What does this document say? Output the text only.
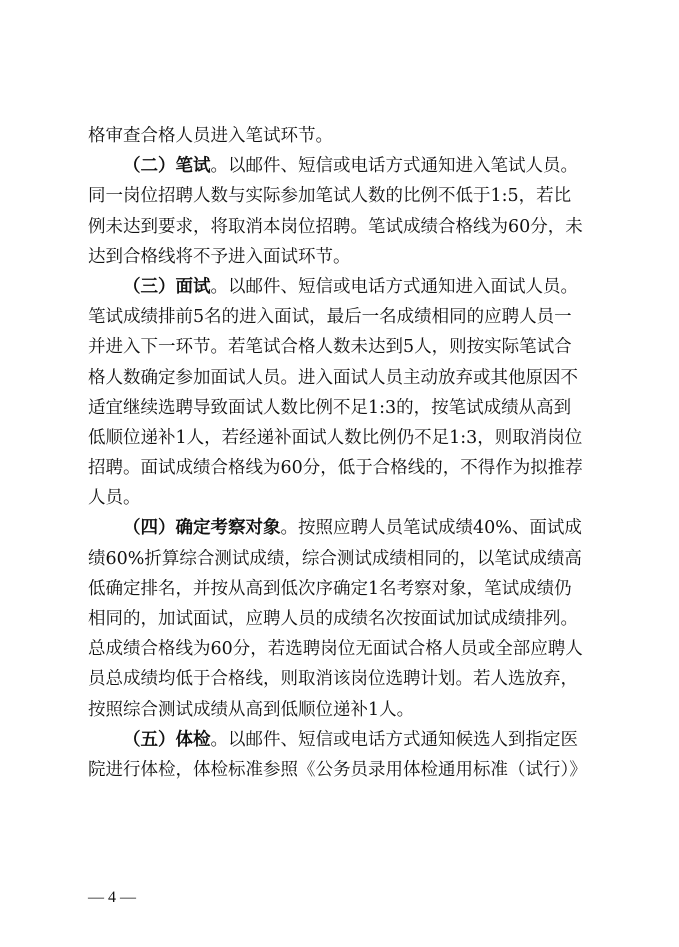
格审查合格人员进入笔试环节。
（二）笔试。以邮件、短信或电话方式通知进入笔试人员。
同一岗位招聘人数与实际参加笔试人数的比例不低于1:5，若比
例未达到要求，将取消本岗位招聘。笔试成绩合格线为60分，未
达到合格线将不予进入面试环节。
（三）面试。以邮件、短信或电话方式通知进入面试人员。
笔试成绩排前5名的进入面试，最后一名成绩相同的应聘人员一
并进入下一环节。若笔试合格人数未达到5人，则按实际笔试合
格人数确定参加面试人员。进入面试人员主动放弃或其他原因不
适宜继续选聘导致面试人数比例不足1:3的，按笔试成绩从高到
低顺位递补1人，若经递补面试人数比例仍不足1:3，则取消岗位
招聘。面试成绩合格线为60分，低于合格线的，不得作为拟推荐
人员。
（四）确定考察对象。按照应聘人员笔试成绩40%、面试成
绩60%折算综合测试成绩，综合测试成绩相同的，以笔试成绩高
低确定排名，并按从高到低次序确定1名考察对象，笔试成绩仍
相同的，加试面试，应聘人员的成绩名次按面试加试成绩排列。
总成绩合格线为60分，若选聘岗位无面试合格人员或全部应聘人
员总成绩均低于合格线，则取消该岗位选聘计划。若人选放弃，
按照综合测试成绩从高到低顺位递补1人。
（五）体检。以邮件、短信或电话方式通知候选人到指定医
院进行体检，体检标准参照《公务员录用体检通用标准（试行）》
— 4 —
